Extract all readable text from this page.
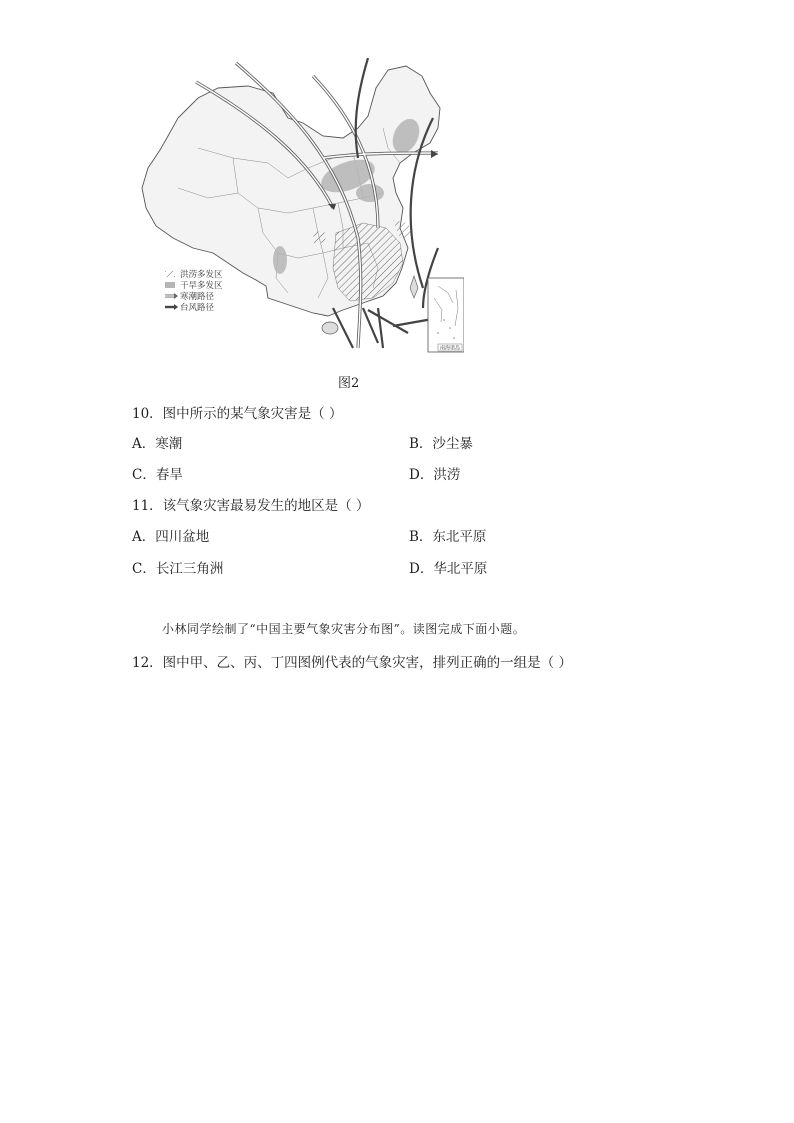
南海诸岛
洪涝多发区
干旱多发区
寒潮路径
台风路径
图2
10．图中所示的某气象灾害是（ ）
A．寒潮	B．沙尘暴
C．春旱	D．洪涝
11．该气象灾害最易发生的地区是（ ）
A．四川盆地	B．东北平原
C．长江三角洲	D．华北平原
小林同学绘制了“中国主要气象灾害分布图”。读图完成下面小题。
12．图中甲、乙、丙、丁四图例代表的气象灾害，排列正确的一组是（ ）
